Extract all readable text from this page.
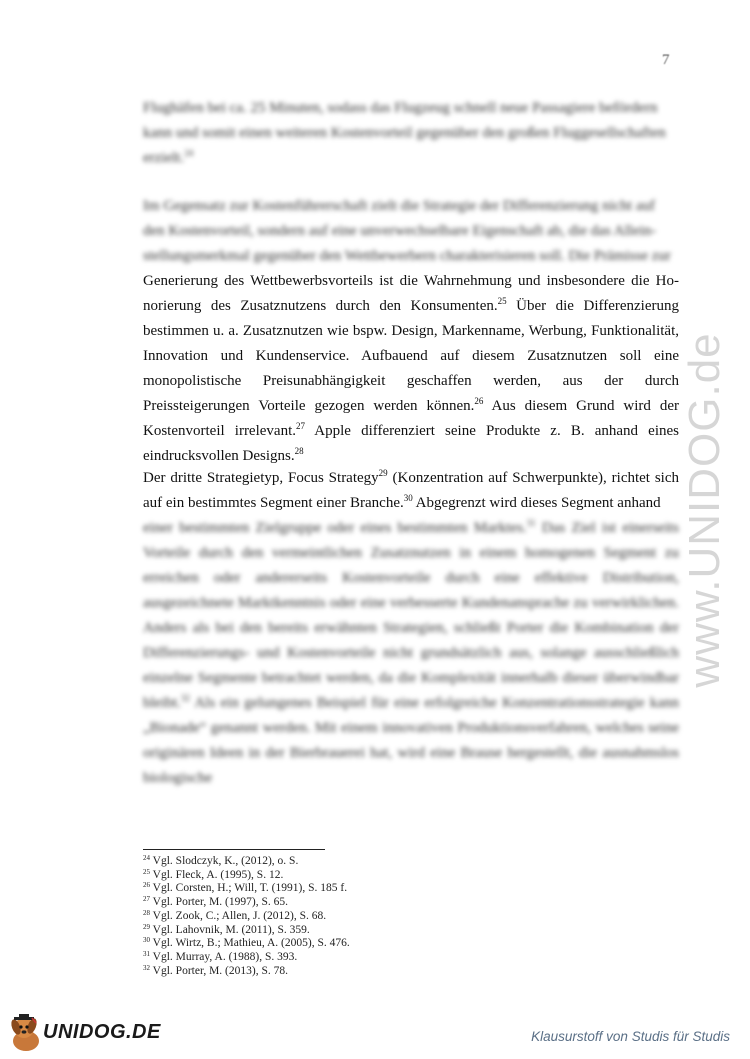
7
www.UNIDOG.de
Flughäfen bei ca. 25 Minuten, sodass das Flugzeug schnell neue Passagiere befördern
kann und somit einen weiteren Kostenvorteil gegenüber den großen Fluggesellschaften
erzielt.$^{24}$
Im Gegensatz zur Kostenführerschaft zielt die Strategie der Differenzierung nicht auf
den Kostenvorteil, sondern auf eine unverwechselbare Eigenschaft ab, die das Allein-
stellungsmerkmal gegenüber den Wettbewerbern charakterisieren soll. Die Prämisse zur

Generierung des Wettbewerbsvorteils ist die Wahrnehmung und insbesondere die Ho-norierung des Zusatznutzens durch den Konsumenten.$^{25}$ Über die Differenzierung bestimmen u. a. Zusatznutzen wie bspw. Design, Markenname, Werbung, Funktionalität, Innovation und Kundenservice. Aufbauend auf diesem Zusatznutzen soll eine monopolistische Preisunabhängigkeit geschaffen werden, aus der durch Preissteigerungen Vorteile gezogen werden können.$^{26}$ Aus diesem Grund wird der Kostenvorteil irrelevant.$^{27}$ Apple differenziert seine Produkte z. B. anhand eines eindrucksvollen Designs.$^{28}$

Der dritte Strategietyp, Focus Strategy$^{29}$ (Konzentration auf Schwerpunkte), richtet sich auf ein bestimmtes Segment einer Branche.$^{30}$ Abgegrenzt wird dieses Segment anhand

einer bestimmten Zielgruppe oder eines bestimmten Marktes.$^{31}$ Das Ziel ist einerseits Vorteile durch den vermeintlichen Zusatznutzen in einem homogenen Segment zu erreichen oder andererseits Kostenvorteile durch eine effektive Distribution, ausgezeichnete Marktkenntnis oder eine verbesserte Kundenansprache zu verwirklichen. Anders als bei den bereits erwähnten Strategien, schließt Porter die Kombination der Differenzierungs- und Kostenvorteile nicht grundsätzlich aus, solange ausschließlich einzelne Segmente betrachtet werden, da die Komplexität innerhalb dieser überwindbar bleibt.$^{32}$ Als ein gelungenes Beispiel für eine erfolgreiche Konzentrationsstrategie kann „Bionade“ genannt werden. Mit einem innovativen Produktionsverfahren, welches seine originären Ideen in der Bierbrauerei hat, wird eine Brause hergestellt, die ausnahmslos biologische

$^{24}$ Vgl. Slodczyk, K., (2012), o. S.
$^{25}$ Vgl. Fleck, A. (1995), S. 12.
$^{26}$ Vgl. Corsten, H.; Will, T. (1991), S. 185 f.
$^{27}$ Vgl. Porter, M. (1997), S. 65.
$^{28}$ Vgl. Zook, C.; Allen, J. (2012), S. 68.
$^{29}$ Vgl. Lahovnik, M. (2011), S. 359.
$^{30}$ Vgl. Wirtz, B.; Mathieu, A. (2005), S. 476.
$^{31}$ Vgl. Murray, A. (1988), S. 393.
$^{32}$ Vgl. Porter, M. (2013), S. 78.
UNIDOG.DE	Klausurstoff von Studis für Studis
